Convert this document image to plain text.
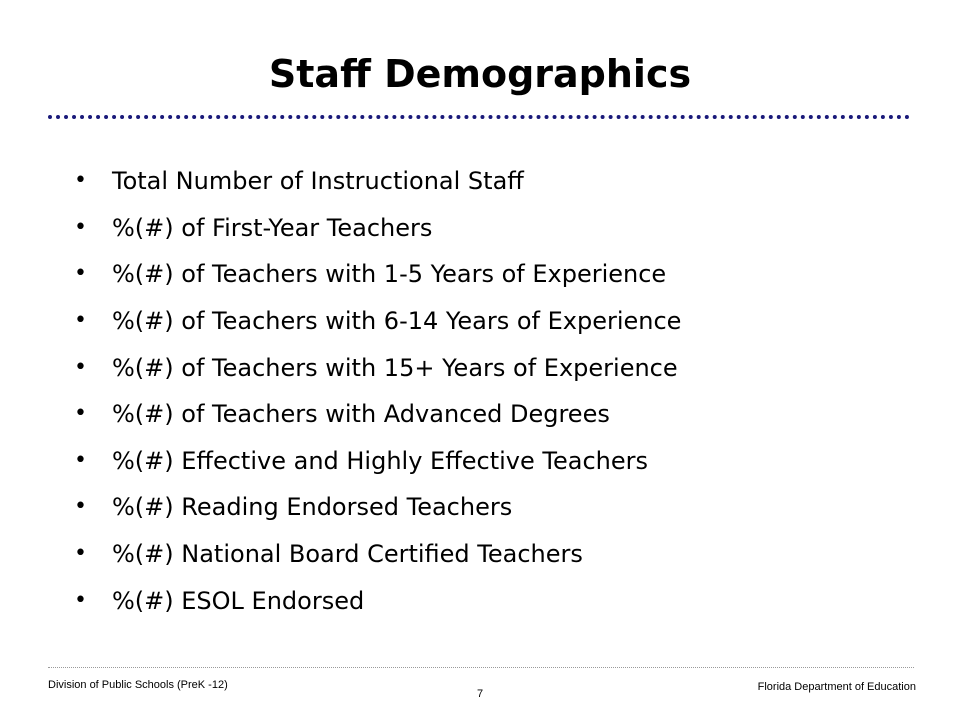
Staff Demographics
•	Total Number of Instructional Staff
•	%(#) of First-Year Teachers
•	%(#) of Teachers with 1-5 Years of Experience
•	%(#) of Teachers with 6-14 Years of Experience
•	%(#) of Teachers with 15+ Years of Experience
•	%(#) of Teachers with Advanced Degrees
•	%(#) Effective and Highly Effective Teachers
•	%(#) Reading Endorsed Teachers
•	%(#) National Board Certified Teachers
•	%(#) ESOL Endorsed
Division of Public Schools (PreK -12)
7
Florida Department of Education
